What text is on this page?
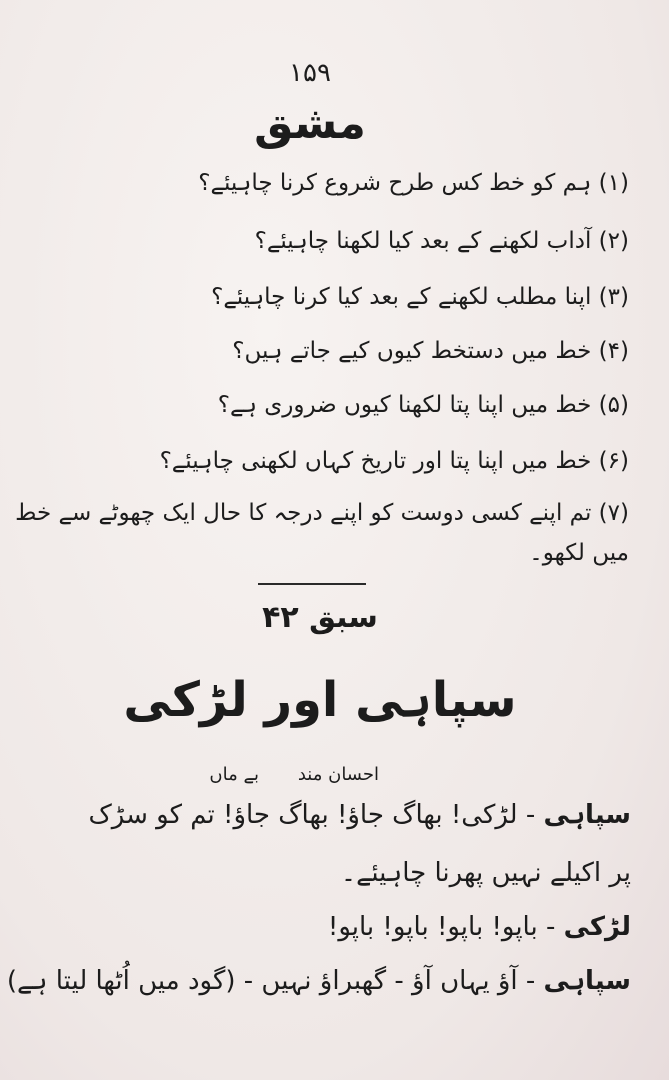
۱۵۹
مشق
(۱) ہم کو خط کس طرح شروع کرنا چاہیئے؟
(۲) آداب لکھنے کے بعد کیا لکھنا چاہیئے؟
(۳) اپنا مطلب لکھنے کے بعد کیا کرنا چاہیئے؟
(۴) خط میں دستخط کیوں کیے جاتے ہیں؟
(۵) خط میں اپنا پتا لکھنا کیوں ضروری ہے؟
(۶) خط میں اپنا پتا اور تاریخ کہاں لکھنی چاہیئے؟
(۷) تم اپنے کسی دوست کو اپنے درجہ کا حال ایک چھوٹے سے خط
میں لکھو۔
سبق ۴۲
سپاہی اور لڑکی
احسان مند
بے ماں
سپاہی - لڑکی! بھاگ جاؤ! بھاگ جاؤ! تم کو سڑک
پر اکیلے نہیں پھرنا چاہیئے۔
لڑکی - باپو! باپو! باپو! باپو!
سپاہی - آؤ یہاں آؤ - گھبراؤ نہیں - (گود میں اُٹھا لیتا ہے)
